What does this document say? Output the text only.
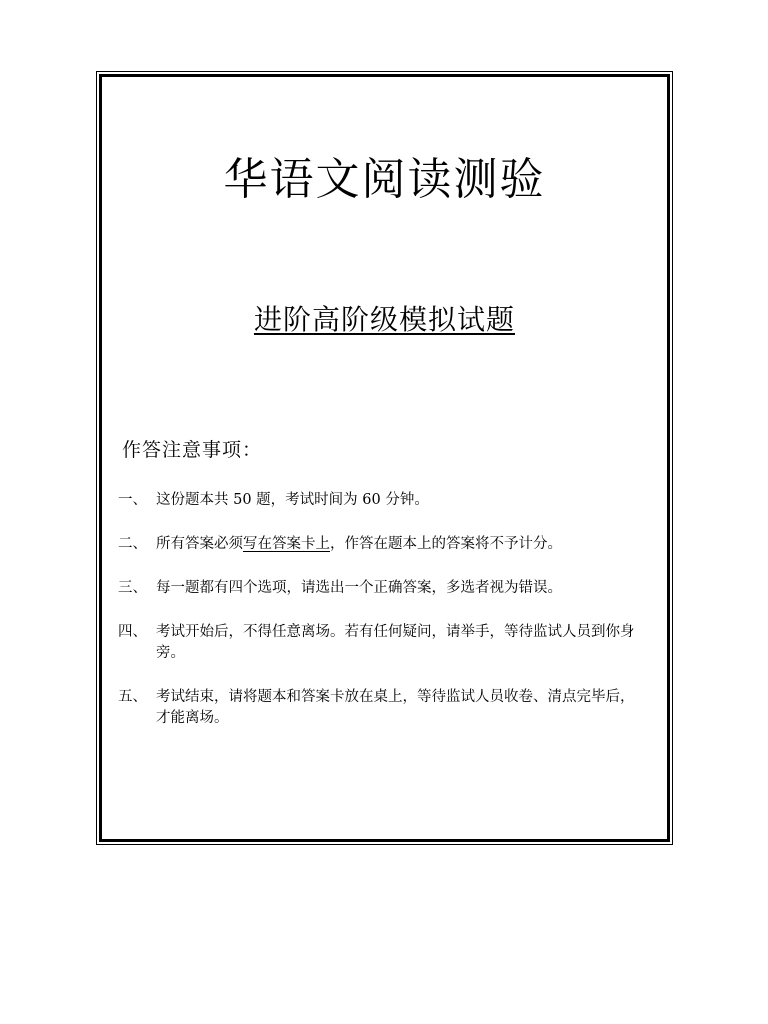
华语文阅读测验
进阶高阶级模拟试题
作答注意事项：
一、 这份题本共 50 题，考试时间为 60 分钟。
二、 所有答案必须写在答案卡上，作答在题本上的答案将不予计分。
三、 每一题都有四个选项，请选出一个正确答案，多选者视为错误。
四、 考试开始后，不得任意离场。若有任何疑问，请举手，等待监试人员到你身旁。
五、 考试结束，请将题本和答案卡放在桌上，等待监试人员收卷、清点完毕后，才能离场。
